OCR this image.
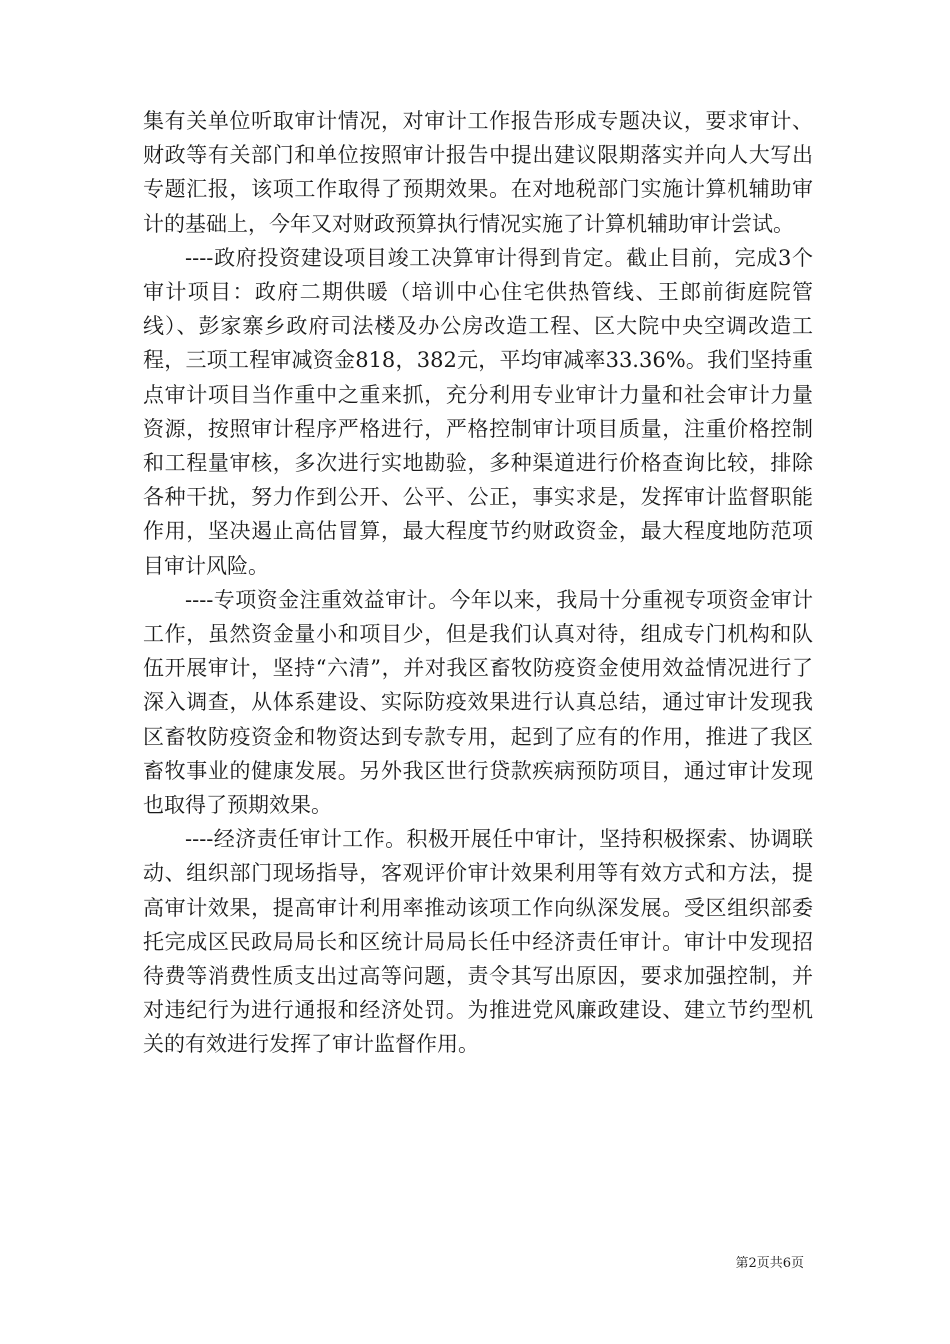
集有关单位听取审计情况，对审计工作报告形成专题决议，要求审计、财政等有关部门和单位按照审计报告中提出建议限期落实并向人大写出专题汇报，该项工作取得了预期效果。在对地税部门实施计算机辅助审计的基础上，今年又对财政预算执行情况实施了计算机辅助审计尝试。

----政府投资建设项目竣工决算审计得到肯定。截止目前，完成3个审计项目：政府二期供暖（培训中心住宅供热管线、王郎前街庭院管线）、彭家寨乡政府司法楼及办公房改造工程、区大院中央空调改造工程，三项工程审减资金818，382元，平均审减率33.36%。我们坚持重点审计项目当作重中之重来抓，充分利用专业审计力量和社会审计力量资源，按照审计程序严格进行，严格控制审计项目质量，注重价格控制和工程量审核，多次进行实地勘验，多种渠道进行价格查询比较，排除各种干扰，努力作到公开、公平、公正，事实求是，发挥审计监督职能作用，坚决遏止高估冒算，最大程度节约财政资金，最大程度地防范项目审计风险。

----专项资金注重效益审计。今年以来，我局十分重视专项资金审计工作，虽然资金量小和项目少，但是我们认真对待，组成专门机构和队伍开展审计，坚持“六清”，并对我区畜牧防疫资金使用效益情况进行了深入调查，从体系建设、实际防疫效果进行认真总结，通过审计发现我区畜牧防疫资金和物资达到专款专用，起到了应有的作用，推进了我区畜牧事业的健康发展。另外我区世行贷款疾病预防项目，通过审计发现也取得了预期效果。

----经济责任审计工作。积极开展任中审计，坚持积极探索、协调联动、组织部门现场指导，客观评价审计效果利用等有效方式和方法，提高审计效果，提高审计利用率推动该项工作向纵深发展。受区组织部委托完成区民政局局长和区统计局局长任中经济责任审计。审计中发现招待费等消费性质支出过高等问题，责令其写出原因，要求加强控制，并对违纪行为进行通报和经济处罚。为推进党风廉政建设、建立节约型机关的有效进行发挥了审计监督作用。

第2页共6页
